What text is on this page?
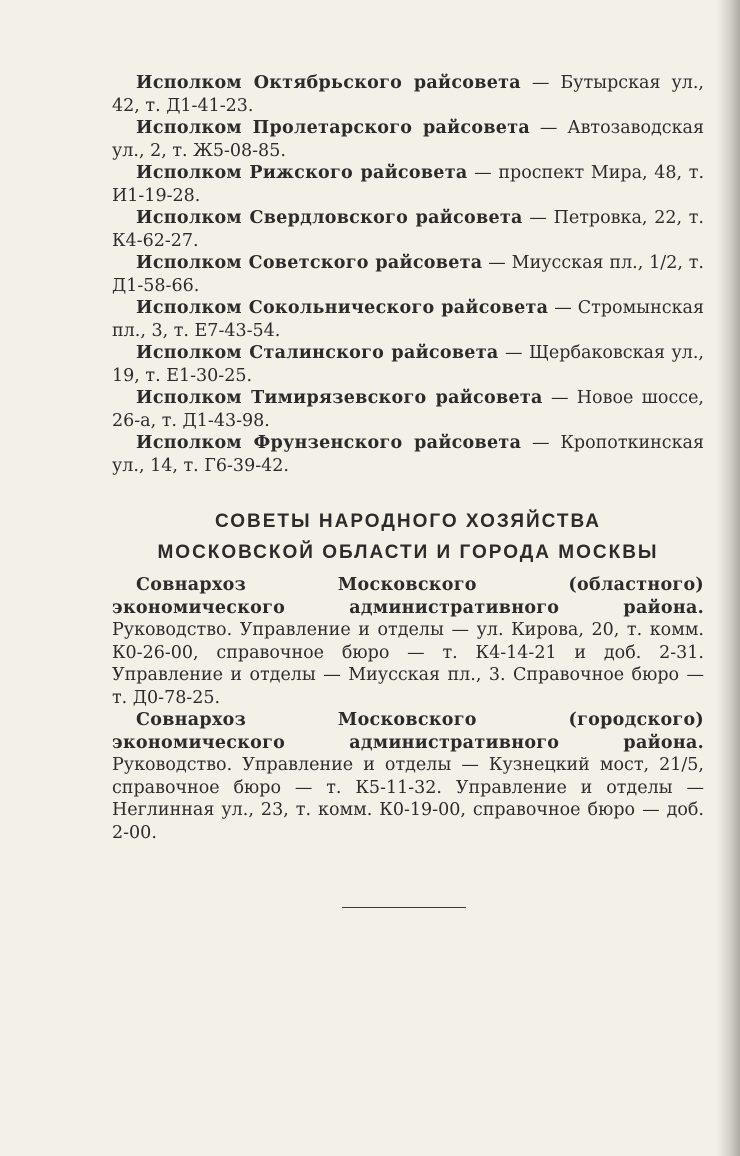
Исполком Октябрьского райсовета — Бутырская ул., 42, т. Д1-41-23.

Исполком Пролетарского райсовета — Автозаводская ул., 2, т. Ж5-08-85.

Исполком Рижского райсовета — проспект Мира, 48, т. И1-19-28.

Исполком Свердловского райсовета — Петровка, 22, т. К4-62-27.

Исполком Советского райсовета — Миусская пл., 1/2, т. Д1-58-66.

Исполком Сокольнического райсовета — Стромынская пл., 3, т. Е7-43-54.

Исполком Сталинского райсовета — Щербаковская ул., 19, т. Е1-30-25.

Исполком Тимирязевского райсовета — Новое шоссе, 26-а, т. Д1-43-98.

Исполком Фрунзенского райсовета — Кропоткинская ул., 14, т. Г6-39-42.

СОВЕТЫ НАРОДНОГО ХОЗЯЙСТВА

МОСКОВСКОЙ ОБЛАСТИ И ГОРОДА МОСКВЫ

Совнархоз Московского (областного) экономического административного района. Руководство. Управление и отделы — ул. Кирова, 20, т. комм. К0-26-00, справочное бюро — т. К4-14-21 и доб. 2-31. Управление и отделы — Миусская пл., 3. Справочное бюро — т. Д0-78-25.

Совнархоз Московского (городского) экономического административного района. Руководство. Управление и отделы — Кузнецкий мост, 21/5, справочное бюро — т. К5-11-32. Управление и отделы — Неглинная ул., 23, т. комм. К0-19-00, справочное бюро — доб. 2-00.
